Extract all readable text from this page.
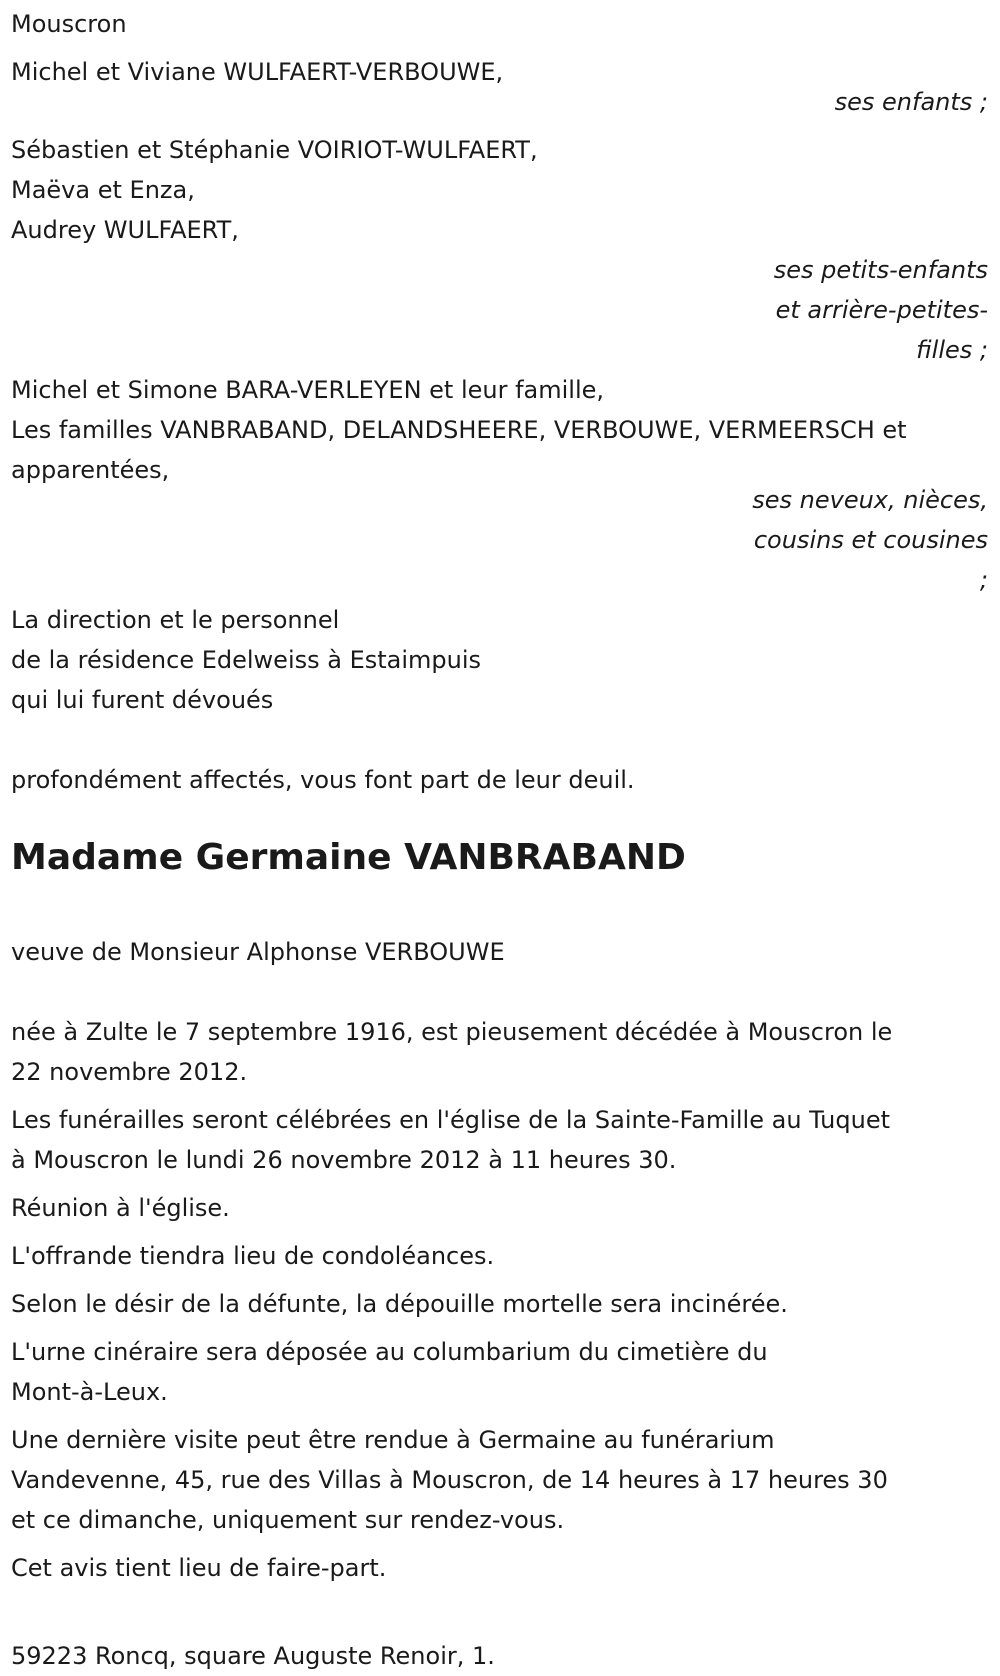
Mouscron
Michel et Viviane WULFAERT-VERBOUWE,
ses enfants ;
Sébastien et Stéphanie VOIRIOT-WULFAERT,
Maëva et Enza,
Audrey WULFAERT,
ses petits-enfants
et arrière-petites-
filles ;
Michel et Simone BARA-VERLEYEN et leur famille,
Les familles VANBRABAND, DELANDSHEERE, VERBOUWE, VERMEERSCH et
apparentées,
ses neveux, nièces,
cousins et cousines
;
La direction et le personnel
de la résidence Edelweiss à Estaimpuis
qui lui furent dévoués
profondément affectés, vous font part de leur deuil.
Madame Germaine VANBRABAND
veuve de Monsieur Alphonse VERBOUWE
née à Zulte le 7 septembre 1916, est pieusement décédée à Mouscron le
22 novembre 2012.
Les funérailles seront célébrées en l'église de la Sainte-Famille au Tuquet
à Mouscron le lundi 26 novembre 2012 à 11 heures 30.
Réunion à l'église.
L'offrande tiendra lieu de condoléances.
Selon le désir de la défunte, la dépouille mortelle sera incinérée.
L'urne cinéraire sera déposée au columbarium du cimetière du
Mont-à-Leux.
Une dernière visite peut être rendue à Germaine au funérarium
Vandevenne, 45, rue des Villas à Mouscron, de 14 heures à 17 heures 30
et ce dimanche, uniquement sur rendez-vous.
Cet avis tient lieu de faire-part.
59223 Roncq, square Auguste Renoir, 1.
